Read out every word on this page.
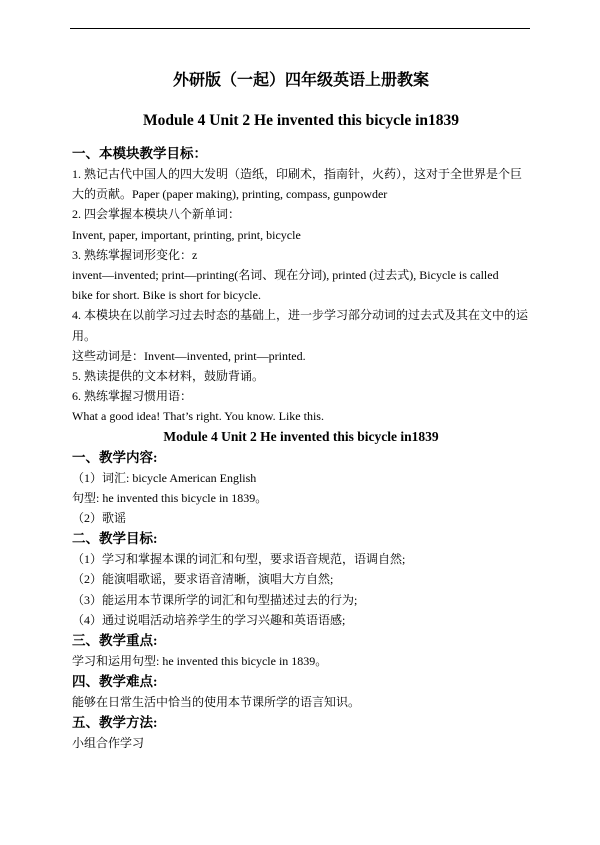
外研版（一起）四年级英语上册教案
Module 4 Unit 2 He invented this bicycle in1839
一、本模块教学目标：
1. 熟记古代中国人的四大发明（造纸，印刷术，指南针，火药），这对于全世界是个巨
大的贡献。Paper (paper making), printing, compass, gunpowder
2. 四会掌握本模块八个新单词：
Invent, paper, important, printing, print, bicycle
3. 熟练掌握词形变化：z
invent—invented; print—printing(名词、现在分词), printed (过去式), Bicycle is called
bike for short. Bike is short for bicycle.
4. 本模块在以前学习过去时态的基础上，进一步学习部分动词的过去式及其在文中的运
用。
这些动词是：Invent—invented, print—printed.
5. 熟读提供的文本材料，鼓励背诵。
6. 熟练掌握习惯用语：
What a good idea! That’s right. You know. Like this.
Module 4 Unit 2 He invented this bicycle in1839
一、教学内容:
（1）词汇: bicycle American English
句型: he invented this bicycle in 1839。
（2）歌谣
二、教学目标:
（1）学习和掌握本课的词汇和句型，要求语音规范，语调自然;
（2）能演唱歌谣，要求语音清晰，演唱大方自然;
（3）能运用本节课所学的词汇和句型描述过去的行为;
（4）通过说唱活动培养学生的学习兴趣和英语语感;
三、教学重点:
学习和运用句型: he invented this bicycle in 1839。
四、教学难点:
能够在日常生活中恰当的使用本节课所学的语言知识。
五、教学方法:
小组合作学习
